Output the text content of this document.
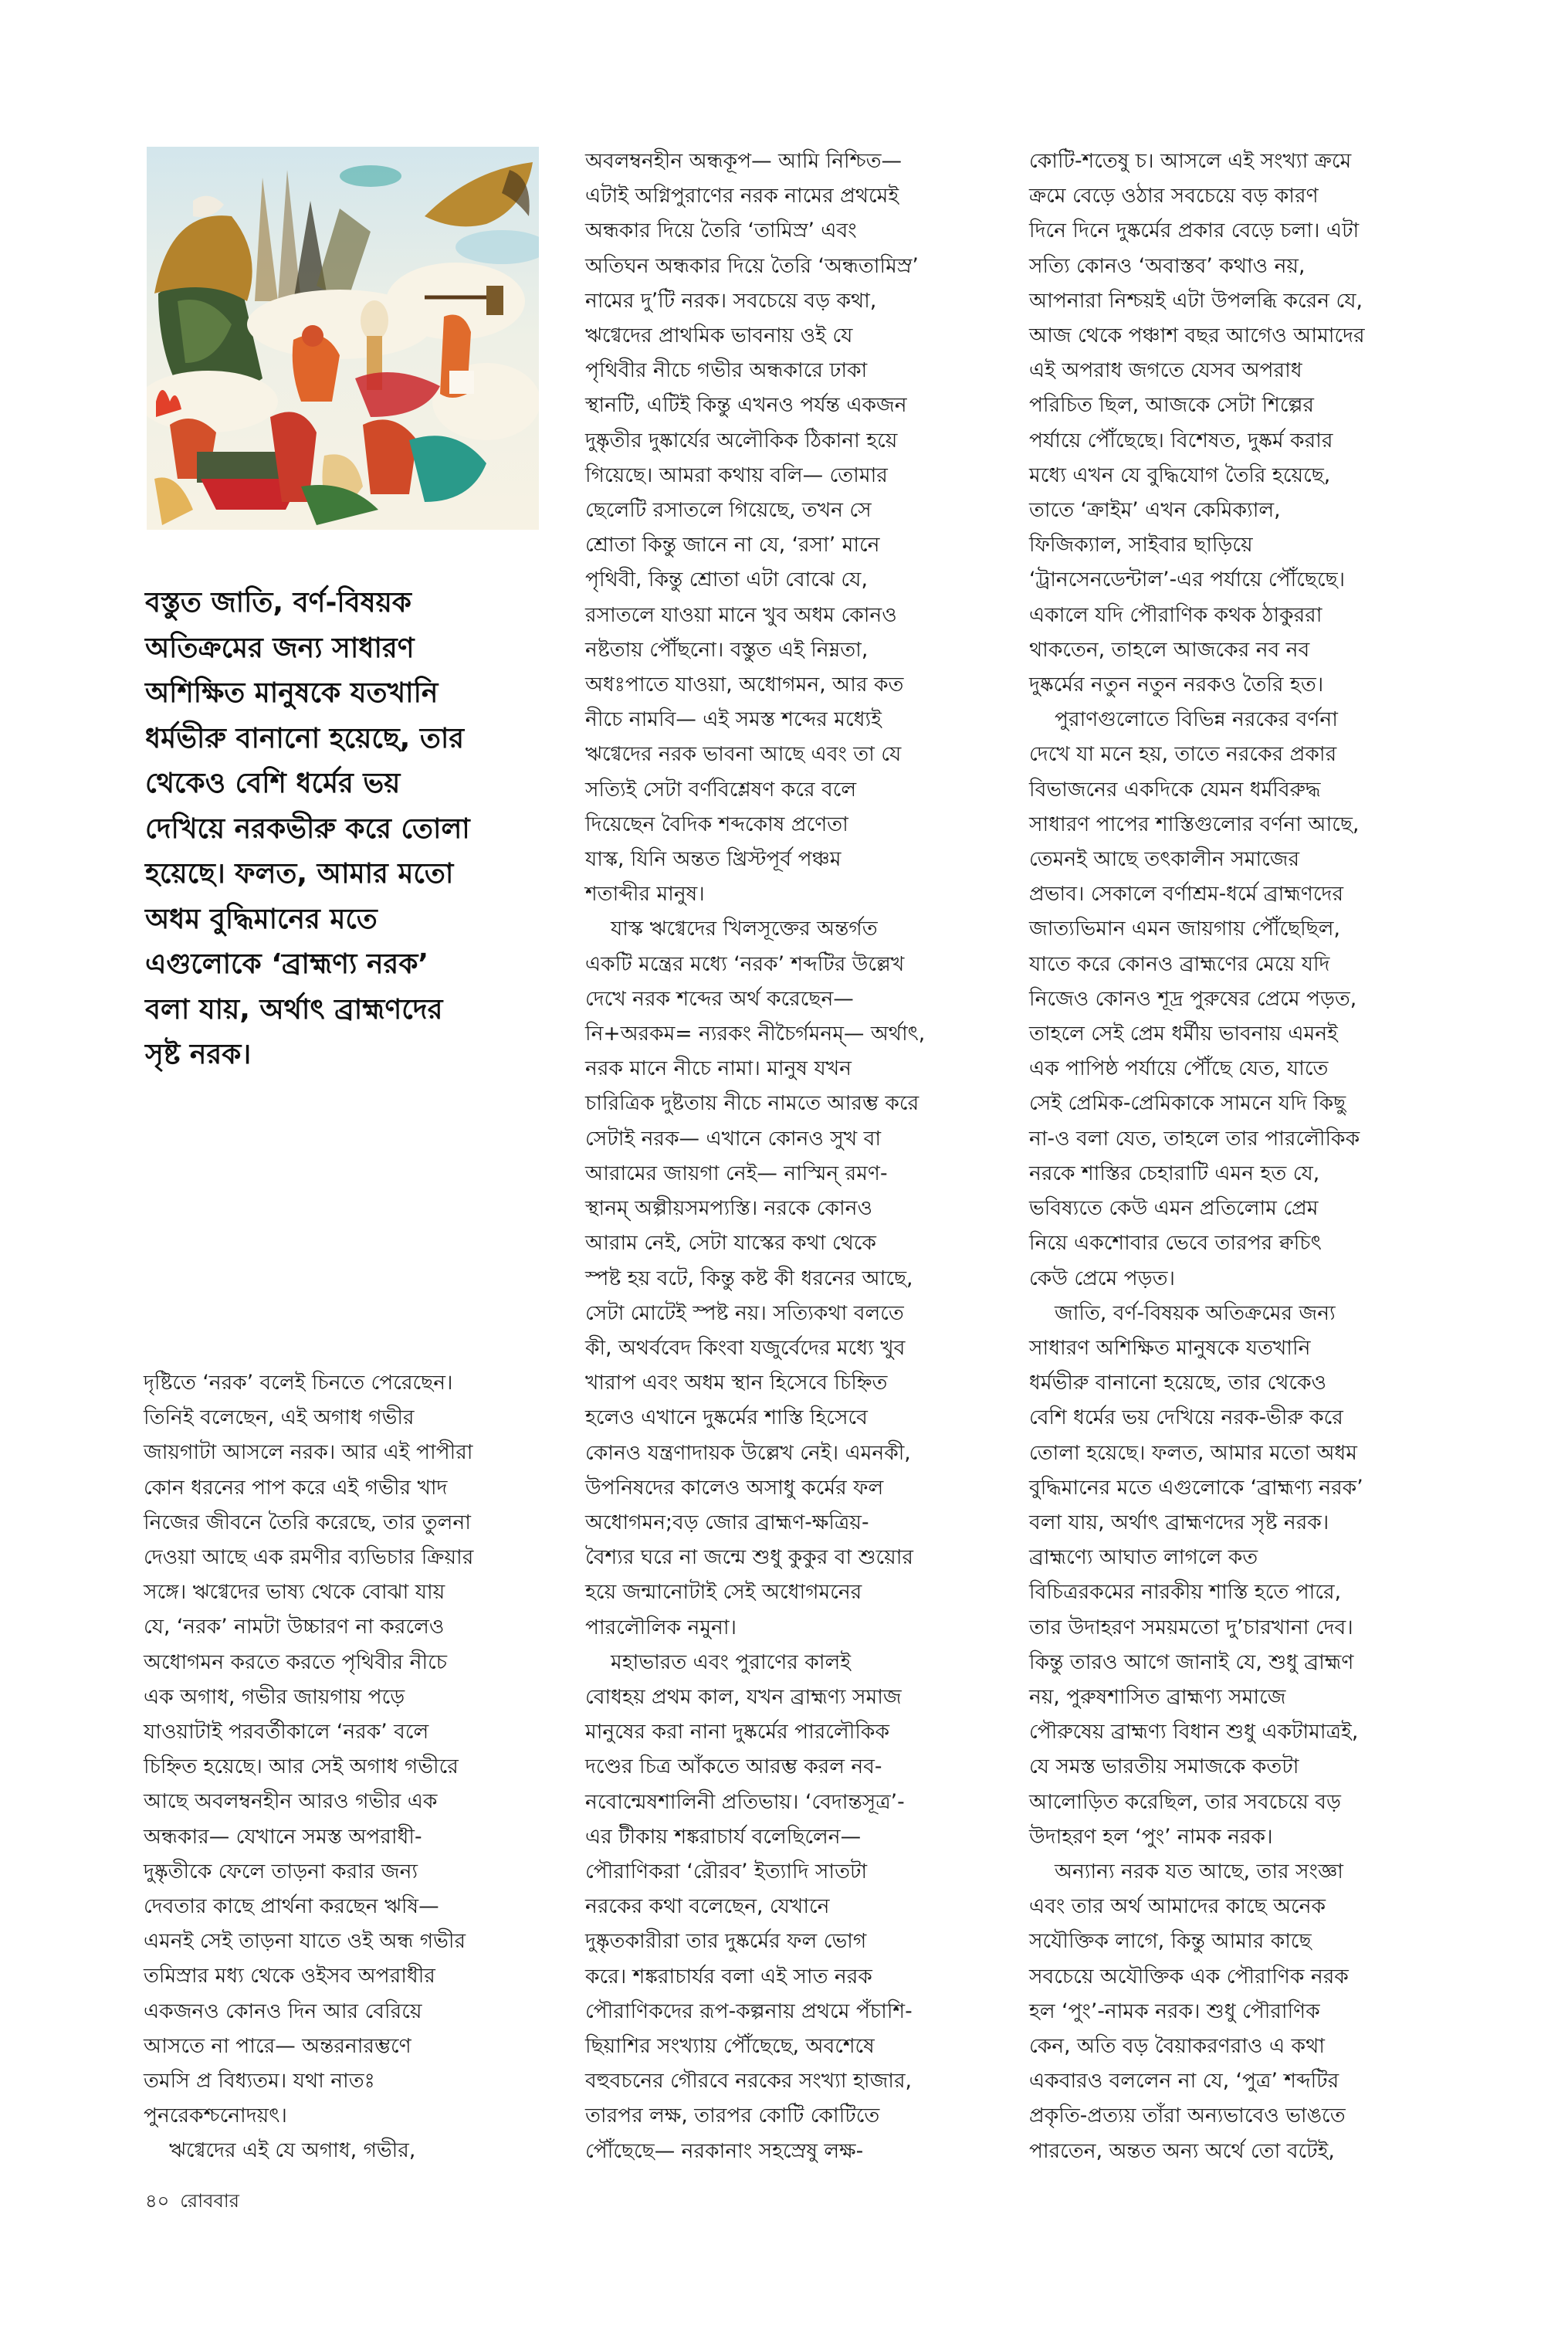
বস্তুত জাতি, বর্ণ-বিষয়ক
অতিক্রমের জন্য সাধারণ
অশিক্ষিত মানুষকে যতখানি
ধর্মভীরু বানানো হয়েছে, তার
থেকেও বেশি ধর্মের ভয়
দেখিয়ে নরকভীরু করে তোলা
হয়েছে। ফলত, আমার মতো
অধম বুদ্ধিমানের মতে
এগুলোকে ‘ব্রাহ্মণ্য নরক’
বলা যায়, অর্থাৎ ব্রাহ্মণদের
সৃষ্ট নরক।
দৃষ্টিতে ‘নরক’ বলেই চিনতে পেরেছেন।
তিনিই বলেছেন, এই অগাধ গভীর
জায়গাটা আসলে নরক। আর এই পাপীরা
কোন ধরনের পাপ করে এই গভীর খাদ
নিজের জীবনে তৈরি করেছে, তার তুলনা
দেওয়া আছে এক রমণীর ব্যভিচার ক্রিয়ার
সঙ্গে। ঋগ্বেদের ভাষ্য থেকে বোঝা যায়
যে, ‘নরক’ নামটা উচ্চারণ না করলেও
অধোগমন করতে করতে পৃথিবীর নীচে
এক অগাধ, গভীর জায়গায় পড়ে
যাওয়াটাই পরবর্তীকালে ‘নরক’ বলে
চিহ্নিত হয়েছে। আর সেই অগাধ গভীরে
আছে অবলম্বনহীন আরও গভীর এক
অন্ধকার— যেখানে সমস্ত অপরাধী-
দুষ্কৃতীকে ফেলে তাড়না করার জন্য
দেবতার কাছে প্রার্থনা করছেন ঋষি—
এমনই সেই তাড়না যাতে ওই অন্ধ গভীর
তমিস্রার মধ্য থেকে ওইসব অপরাধীর
একজনও কোনও দিন আর বেরিয়ে
আসতে না পারে— অন্তরনারম্ভণে
তমসি প্র বিধ্যতম। যথা নাতঃ
পুনরেকশ্চনোদয়ৎ।
ঋগ্বেদের এই যে অগাধ, গভীর,
অবলম্বনহীন অন্ধকূপ— আমি নিশ্চিত—
এটাই অগ্নিপুরাণের নরক নামের প্রথমেই
অন্ধকার দিয়ে তৈরি ‘তামিস্র’ এবং
অতিঘন অন্ধকার দিয়ে তৈরি ‘অন্ধতামিস্র’
নামের দু’টি নরক। সবচেয়ে বড় কথা,
ঋগ্বেদের প্রাথমিক ভাবনায় ওই যে
পৃথিবীর নীচে গভীর অন্ধকারে ঢাকা
স্থানটি, এটিই কিন্তু এখনও পর্যন্ত একজন
দুষ্কৃতীর দুষ্কার্যের অলৌকিক ঠিকানা হয়ে
গিয়েছে। আমরা কথায় বলি— তোমার
ছেলেটি রসাতলে গিয়েছে, তখন সে
শ্রোতা কিন্তু জানে না যে, ‘রসা’ মানে
পৃথিবী, কিন্তু শ্রোতা এটা বোঝে যে,
রসাতলে যাওয়া মানে খুব অধম কোনও
নষ্টতায় পৌঁছনো। বস্তুত এই নিম্নতা,
অধঃপাতে যাওয়া, অধোগমন, আর কত
নীচে নামবি— এই সমস্ত শব্দের মধ্যেই
ঋগ্বেদের নরক ভাবনা আছে এবং তা যে
সত্যিই সেটা বর্ণবিশ্লেষণ করে বলে
দিয়েছেন বৈদিক শব্দকোষ প্রণেতা
যাস্ক, যিনি অন্তত খ্রিস্টপূর্ব পঞ্চম
শতাব্দীর মানুষ।
যাস্ক ঋগ্বেদের খিলসূক্তের অন্তর্গত
একটি মন্ত্রের মধ্যে ‘নরক’ শব্দটির উল্লেখ
দেখে নরক শব্দের অর্থ করেছেন—
নি+অরকম= ন্যরকং নীচৈর্গমনম্— অর্থাৎ,
নরক মানে নীচে নামা। মানুষ যখন
চারিত্রিক দুষ্টতায় নীচে নামতে আরম্ভ করে
সেটাই নরক— এখানে কোনও সুখ বা
আরামের জায়গা নেই— নাস্মিন্ রমণ-
স্থানম্ অল্পীয়সমপ্যস্তি। নরকে কোনও
আরাম নেই, সেটা যাস্কের কথা থেকে
স্পষ্ট হয় বটে, কিন্তু কষ্ট কী ধরনের আছে,
সেটা মোটেই স্পষ্ট নয়। সত্যিকথা বলতে
কী, অথর্ববেদ কিংবা যজুর্বেদের মধ্যে খুব
খারাপ এবং অধম স্থান হিসেবে চিহ্নিত
হলেও এখানে দুষ্কর্মের শাস্তি হিসেবে
কোনও যন্ত্রণাদায়ক উল্লেখ নেই। এমনকী,
উপনিষদের কালেও অসাধু কর্মের ফল
অধোগমন;বড় জোর ব্রাহ্মণ-ক্ষত্রিয়-
বৈশ্যর ঘরে না জন্মে শুধু কুকুর বা শুয়োর
হয়ে জন্মানোটাই সেই অধোগমনের
পারলৌলিক নমুনা।
মহাভারত এবং পুরাণের কালই
বোধহয় প্রথম কাল, যখন ব্রাহ্মণ্য সমাজ
মানুষের করা নানা দুষ্কর্মের পারলৌকিক
দণ্ডের চিত্র আঁকতে আরম্ভ করল নব-
নবোন্মেষশালিনী প্রতিভায়। ‘বেদান্তসূত্র’-
এর টীকায় শঙ্করাচার্য বলেছিলেন—
পৌরাণিকরা ‘রৌরব’ ইত্যাদি সাতটা
নরকের কথা বলেছেন, যেখানে
দুষ্কৃতকারীরা তার দুষ্কর্মের ফল ভোগ
করে। শঙ্করাচার্যর বলা এই সাত নরক
পৌরাণিকদের রূপ-কল্পনায় প্রথমে পঁচাশি-
ছিয়াশির সংখ্যায় পৌঁছেছে, অবশেষে
বহুবচনের গৌরবে নরকের সংখ্যা হাজার,
তারপর লক্ষ, তারপর কোটি কোটিতে
পৌঁছেছে— নরকানাং সহস্রেষু লক্ষ-
কোটি-শতেষু চ। আসলে এই সংখ্যা ক্রমে
ক্রমে বেড়ে ওঠার সবচেয়ে বড় কারণ
দিনে দিনে দুষ্কর্মের প্রকার বেড়ে চলা। এটা
সত্যি কোনও ‘অবাস্তব’ কথাও নয়,
আপনারা নিশ্চয়ই এটা উপলব্ধি করেন যে,
আজ থেকে পঞ্চাশ বছর আগেও আমাদের
এই অপরাধ জগতে যেসব অপরাধ
পরিচিত ছিল, আজকে সেটা শিল্পের
পর্যায়ে পৌঁছেছে। বিশেষত, দুষ্কর্ম করার
মধ্যে এখন যে বুদ্ধিযোগ তৈরি হয়েছে,
তাতে ‘ক্রাইম’ এখন কেমিক্যাল,
ফিজিক্যাল, সাইবার ছাড়িয়ে
‘ট্রানসেনডেন্টাল’-এর পর্যায়ে পৌঁছেছে।
একালে যদি পৌরাণিক কথক ঠাকুররা
থাকতেন, তাহলে আজকের নব নব
দুষ্কর্মের নতুন নতুন নরকও তৈরি হত।
পুরাণগুলোতে বিভিন্ন নরকের বর্ণনা
দেখে যা মনে হয়, তাতে নরকের প্রকার
বিভাজনের একদিকে যেমন ধর্মবিরুদ্ধ
সাধারণ পাপের শাস্তিগুলোর বর্ণনা আছে,
তেমনই আছে তৎকালীন সমাজের
প্রভাব। সেকালে বর্ণাশ্রম-ধর্মে ব্রাহ্মণদের
জাত্যভিমান এমন জায়গায় পৌঁছেছিল,
যাতে করে কোনও ব্রাহ্মণের মেয়ে যদি
নিজেও কোনও শূদ্র পুরুষের প্রেমে পড়ত,
তাহলে সেই প্রেম ধর্মীয় ভাবনায় এমনই
এক পাপিষ্ঠ পর্যায়ে পৌঁছে যেত, যাতে
সেই প্রেমিক-প্রেমিকাকে সামনে যদি কিছু
না-ও বলা যেত, তাহলে তার পারলৌকিক
নরকে শাস্তির চেহারাটি এমন হত যে,
ভবিষ্যতে কেউ এমন প্রতিলোম প্রেম
নিয়ে একশোবার ভেবে তারপর ক্বচিৎ
কেউ প্রেমে পড়ত।
জাতি, বর্ণ-বিষয়ক অতিক্রমের জন্য
সাধারণ অশিক্ষিত মানুষকে যতখানি
ধর্মভীরু বানানো হয়েছে, তার থেকেও
বেশি ধর্মের ভয় দেখিয়ে নরক-ভীরু করে
তোলা হয়েছে। ফলত, আমার মতো অধম
বুদ্ধিমানের মতে এগুলোকে ‘ব্রাহ্মণ্য নরক’
বলা যায়, অর্থাৎ ব্রাহ্মণদের সৃষ্ট নরক।
ব্রাহ্মণ্যে আঘাত লাগলে কত
বিচিত্ররকমের নারকীয় শাস্তি হতে পারে,
তার উদাহরণ সময়মতো দু’চারখানা দেব।
কিন্তু তারও আগে জানাই যে, শুধু ব্রাহ্মণ
নয়, পুরুষশাসিত ব্রাহ্মণ্য সমাজে
পৌরুষেয় ব্রাহ্মণ্য বিধান শুধু একটামাত্রই,
যে সমস্ত ভারতীয় সমাজকে কতটা
আলোড়িত করেছিল, তার সবচেয়ে বড়
উদাহরণ হল ‘পুং’ নামক নরক।
অন্যান্য নরক যত আছে, তার সংজ্ঞা
এবং তার অর্থ আমাদের কাছে অনেক
সযৌক্তিক লাগে, কিন্তু আমার কাছে
সবচেয়ে অযৌক্তিক এক পৌরাণিক নরক
হল ‘পুং’-নামক নরক। শুধু পৌরাণিক
কেন, অতি বড় বৈয়াকরণরাও এ কথা
একবারও বললেন না যে, ‘পুত্র’ শব্দটির
প্রকৃতি-প্রত্যয় তাঁরা অন্যভাবেও ভাঙতে
পারতেন, অন্তত অন্য অর্থে তো বটেই,
৪০ রোববার
